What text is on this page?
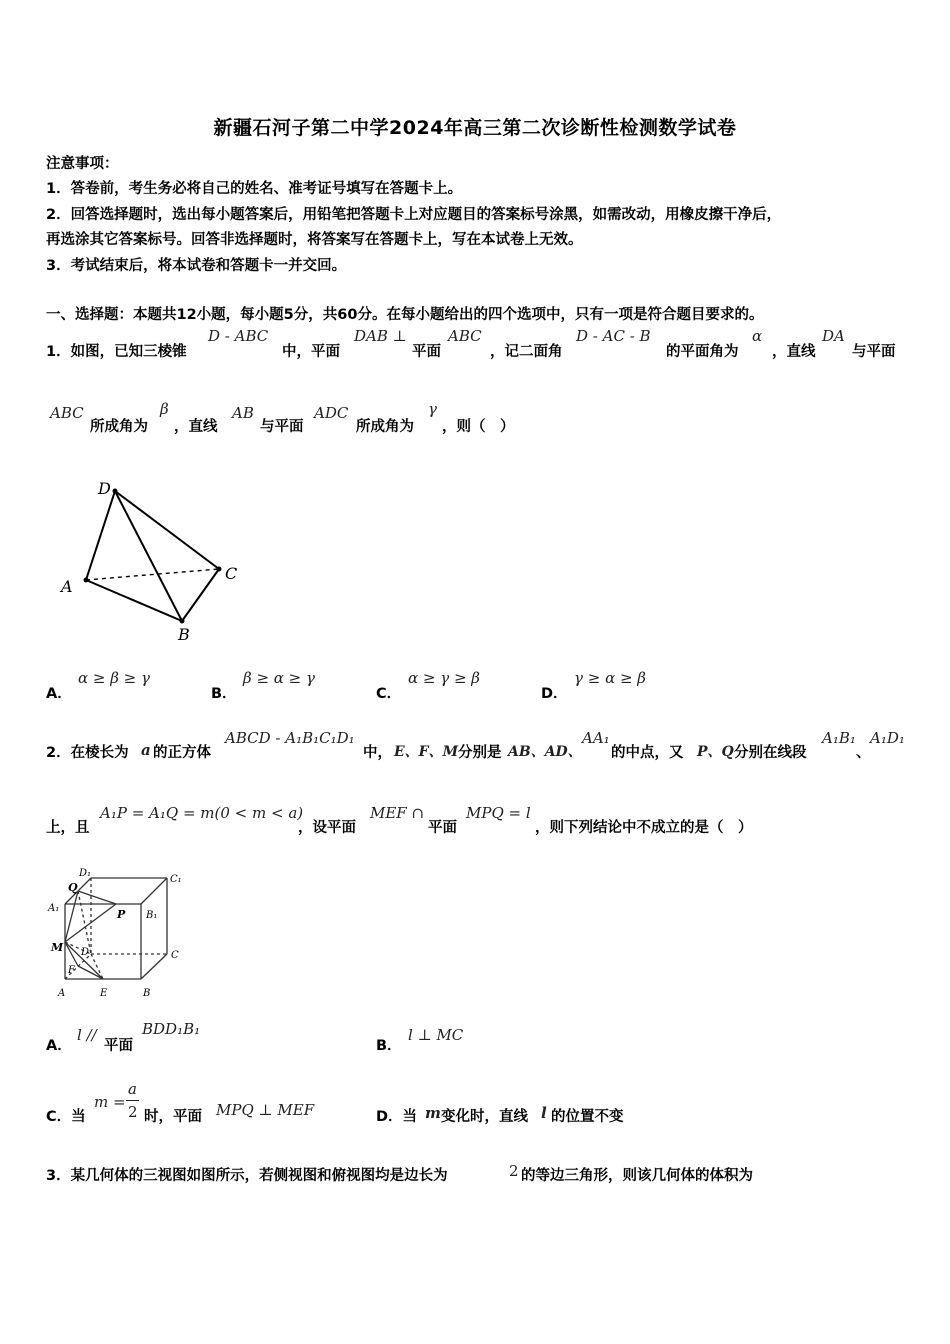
新疆石河子第二中学2024年高三第二次诊断性检测数学试卷
注意事项：
1．答卷前，考生务必将自己的姓名、准考证号填写在答题卡上。
2．回答选择题时，选出每小题答案后，用铅笔把答题卡上对应题目的答案标号涂黑，如需改动，用橡皮擦干净后，
再选涂其它答案标号。回答非选择题时，将答案写在答题卡上，写在本试卷上无效。
3．考试结束后，将本试卷和答题卡一并交回。
一、选择题：本题共12小题，每小题5分，共60分。在每小题给出的四个选项中，只有一项是符合题目要求的。
1．如图，已知三棱锥
D - ABC
中，平面
DAB ⊥
平面
ABC
，记二面角
D - AC - B
的平面角为
α
，直线
DA
与平面
ABC
所成角为
β
，直线
AB
与平面
ADC
所成角为
γ
，则（　）
D
A
C
B
A．
α ≥ β ≥ γ
B．
β ≥ α ≥ γ
C．
α ≥ γ ≥ β
D．
γ ≥ α ≥ β
2．在棱长为 a 的正方体
ABCD - A₁B₁C₁D₁
中， E、F、M 分别是 AB、AD、
AA₁
的中点，又 P、Q 分别在线段
A₁B₁
、
A₁D₁
上，且
A₁P = A₁Q = m(0 < m < a)
，设平面
MEF ∩
平面
MPQ = l
，则下列结论中不成立的是（　）
D₁
C₁
Q
A₁	P B₁
M D	C
F
A	E	B
A．
l //
平面
BDD₁B₁
B．
l ⊥ MC
C．当
m =
a
2 时，平面 MPQ ⊥ MEF	D．当 m 变化时，直线 l 的位置不变
3．某几何体的三视图如图所示，若侧视图和俯视图均是边长为	2 的等边三角形，则该几何体的体积为
